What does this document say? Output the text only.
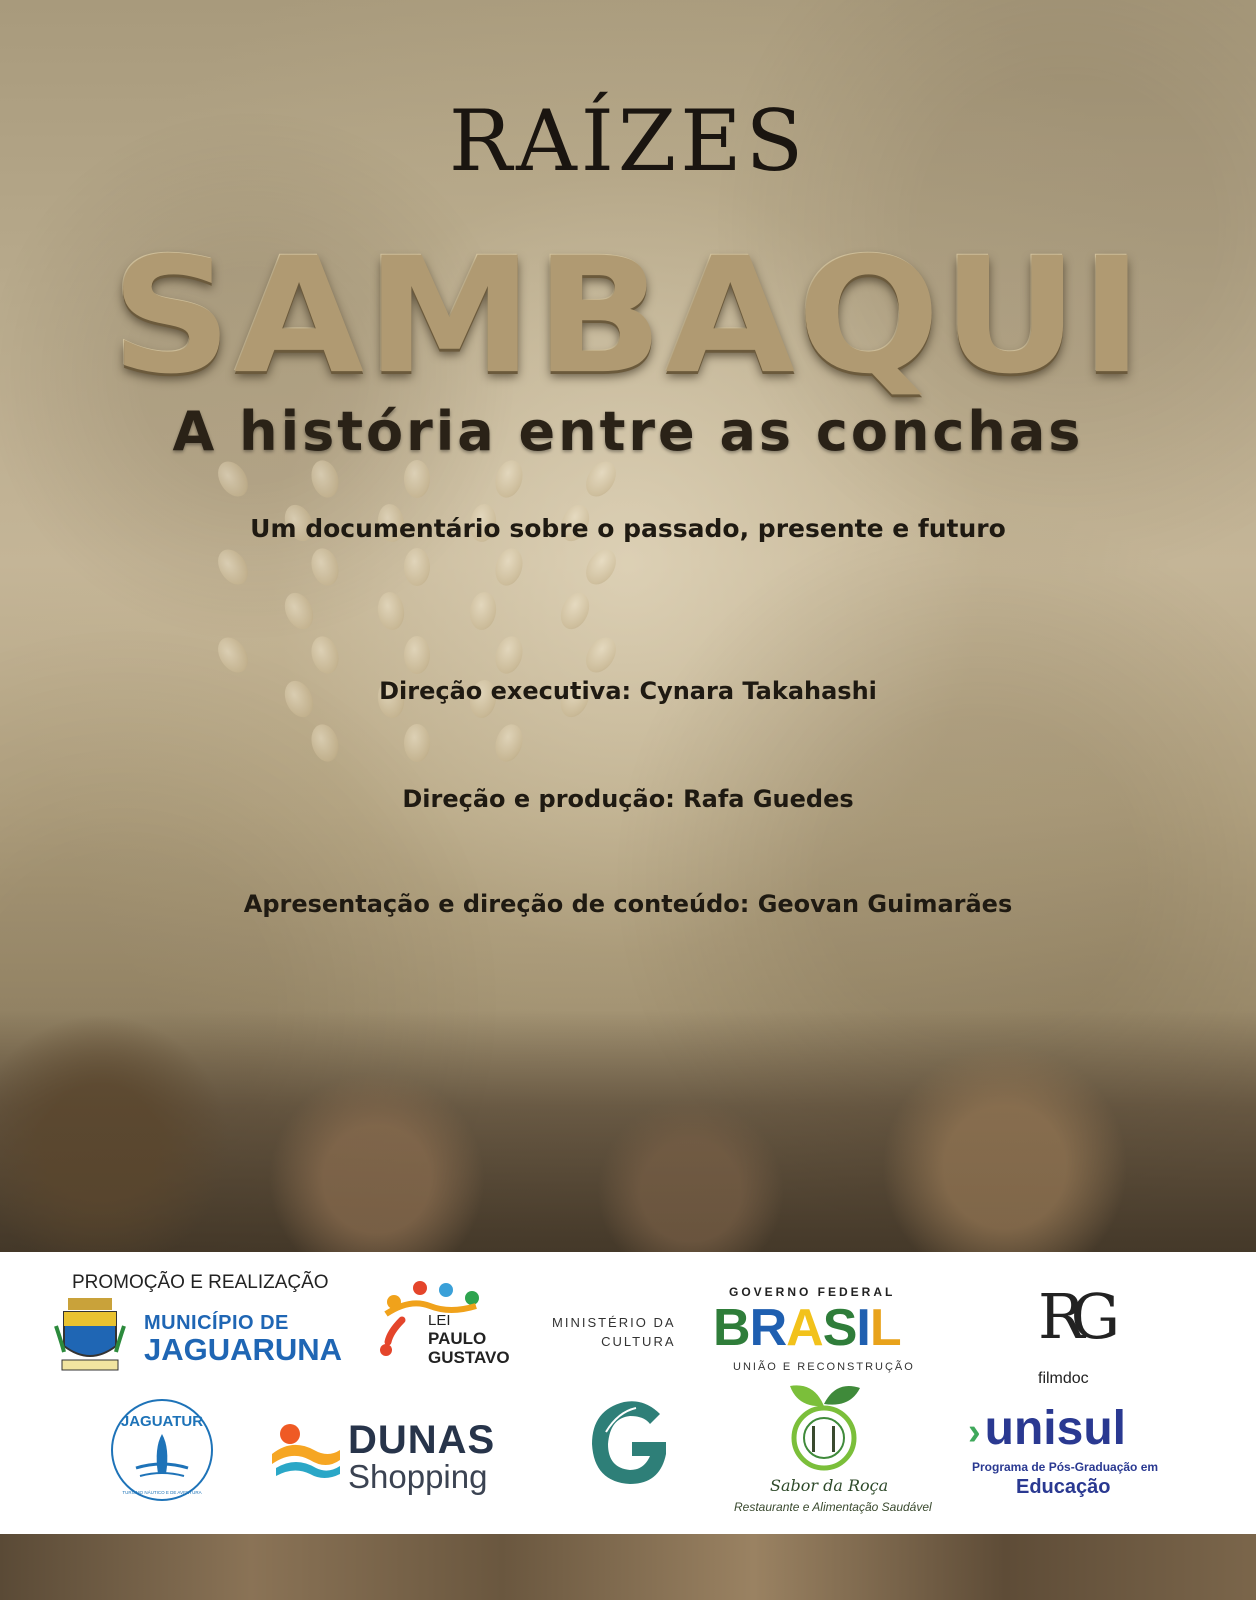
RAÍZES
SAMBAQUI
A história entre as conchas
Um documentário sobre o passado, presente e futuro
Direção executiva: Cynara Takahashi
Direção e produção: Rafa Guedes
Apresentação e direção de conteúdo: Geovan Guimarães
PROMOÇÃO E REALIZAÇÃO
MUNICÍPIO DE
JAGUARUNA
LEI
PAULO
GUSTAVO
MINISTÉRIO DA
CULTURA
GOVERNO FEDERAL
BRASIL
UNIÃO E RECONSTRUÇÃO
RG
filmdoc
JAGUATUR
TURISMO NÁUTICO E DE AVENTURA
DUNAS
Shopping	Sabor da Roça
Restaurante e Alimentação Saudável
›unisul
Programa de Pós-Graduação em
Educação
